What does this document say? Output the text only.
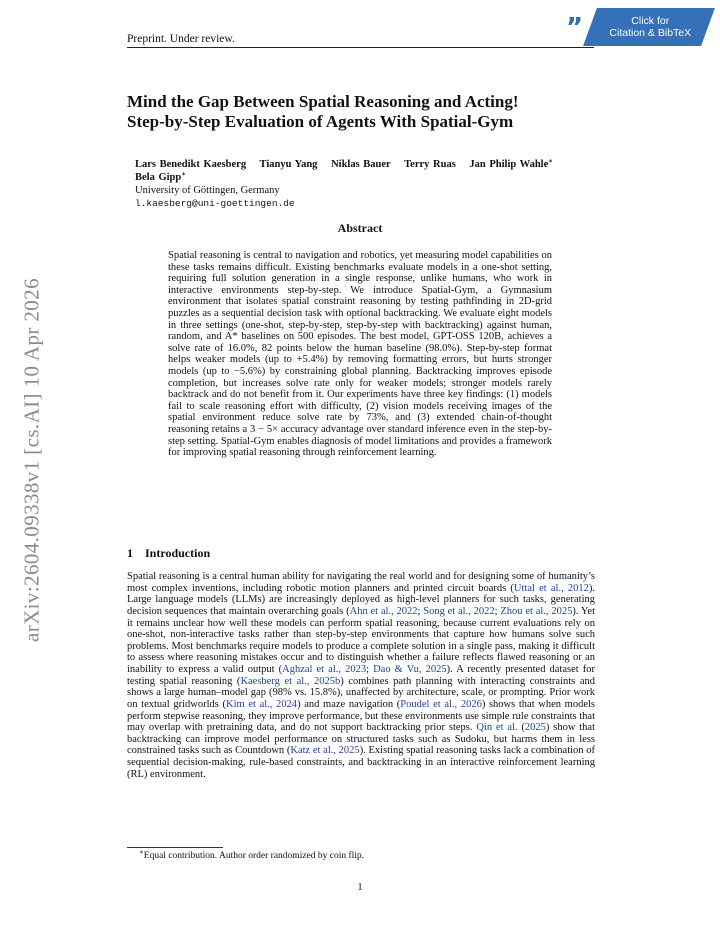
Preprint. Under review.	”	Click for
Citation & BibTeX
arXiv:2604.09338v1 [cs.AI] 10 Apr 2026
Mind the Gap Between Spatial Reasoning and Acting!
Step-by-Step Evaluation of Agents With Spatial-Gym
Lars Benedikt Kaesberg Tianyu Yang Niklas Bauer Terry Ruas Jan Philip Wahle∗
Bela Gipp∗
University of Göttingen, Germany
l.kaesberg@uni-goettingen.de
Abstract
Spatial reasoning is central to navigation and robotics, yet measuring model capabilities on these tasks remains difficult. Existing benchmarks evaluate models in a one-shot setting, requiring full solution generation in a single response, unlike humans, who work in interactive environments step-by-step. We introduce Spatial-Gym, a Gymnasium environment that isolates spatial constraint reasoning by testing pathfinding in 2D-grid puzzles as a sequential decision task with optional backtracking. We evaluate eight models in three settings (one-shot, step-by-step, step-by-step with backtracking) against human, random, and A* baselines on 500 episodes. The best model, GPT-OSS 120B, achieves a solve rate of 16.0%, 82 points below the human baseline (98.0%). Step-by-step format helps weaker models (up to +5.4%) by removing formatting errors, but hurts stronger models (up to −5.6%) by constraining global planning. Backtracking improves episode completion, but increases solve rate only for weaker models; stronger models rarely backtrack and do not benefit from it. Our experiments have three key findings: (1) models fail to scale reasoning effort with difficulty, (2) vision models receiving images of the spatial environment reduce solve rate by 73%, and (3) extended chain-of-thought reasoning retains a 3 − 5× accuracy advantage over standard inference even in the step-by-step setting. Spatial-Gym enables diagnosis of model limitations and provides a framework for improving spatial reasoning through reinforcement learning.
1 Introduction
Spatial reasoning is a central human ability for navigating the real world and for designing some of humanity’s most complex inventions, including robotic motion planners and printed circuit boards (Uttal et al., 2012). Large language models (LLMs) are increasingly deployed as high-level planners for such tasks, generating decision sequences that maintain overarching goals (Ahn et al., 2022; Song et al., 2022; Zhou et al., 2025). Yet it remains unclear how well these models can perform spatial reasoning, because current evaluations rely on one-shot, non-interactive tasks rather than step-by-step environments that capture how humans solve such problems. Most benchmarks require models to produce a complete solution in a single pass, making it difficult to assess where reasoning mistakes occur and to distinguish whether a failure reflects flawed reasoning or an inability to express a valid output (Aghzal et al., 2023; Dao & Vu, 2025). A recently presented dataset for testing spatial reasoning (Kaesberg et al., 2025b) combines path planning with interacting constraints and shows a large human–model gap (98% vs. 15.8%), unaffected by architecture, scale, or prompting. Prior work on textual gridworlds (Kim et al., 2024) and maze navigation (Poudel et al., 2026) shows that when models perform stepwise reasoning, they improve performance, but these environments use simple rule constraints that may overlap with pretraining data, and do not support backtracking prior steps. Qin et al. (2025) show that backtracking can improve model performance on structured tasks such as Sudoku, but harms them in less constrained tasks such as Countdown (Katz et al., 2025). Existing spatial reasoning tasks lack a combination of sequential decision-making, rule-based constraints, and backtracking in an interactive reinforcement learning (RL) environment.
∗Equal contribution. Author order randomized by coin flip.
1
